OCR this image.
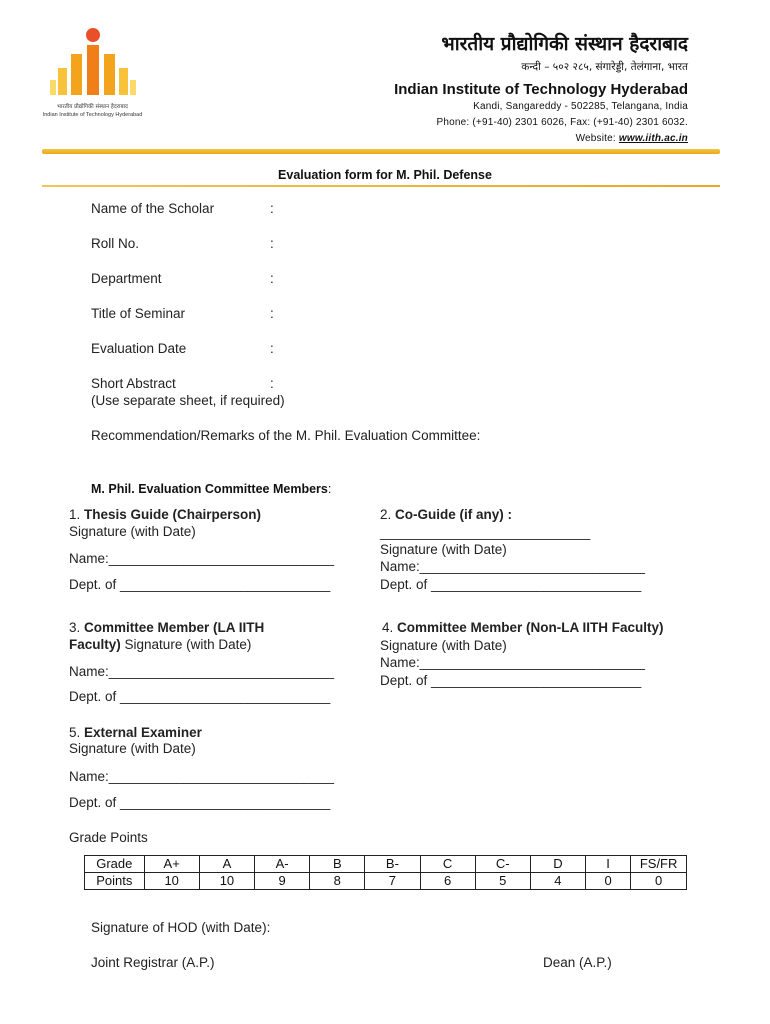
भारतीय प्रौद्योगिकी संस्थान हैदराबाद
Indian Institute of Technology Hyderabad
भारतीय प्रौद्योगिकी संस्थान हैदराबाद
कन्दी – ५०२ २८५, संगारेड्डी, तेलंगाना, भारत
Indian Institute of Technology Hyderabad
Kandi, Sangareddy - 502285, Telangana, India
Phone: (+91-40) 2301 6026, Fax: (+91-40) 2301 6032.
Website: www.iith.ac.in
Evaluation form for M. Phil. Defense
Name of the Scholar	:
Roll No.	:
Department	:
Title of Seminar	:
Evaluation Date	:
Short Abstract	:
(Use separate sheet, if required)
Recommendation/Remarks of the M. Phil. Evaluation Committee:
M. Phil. Evaluation Committee Members:
1. Thesis Guide (Chairperson)
Signature (with Date)
Name:______________________________
Dept. of ____________________________
2. Co-Guide (if any) :
____________________________
Signature (with Date)
Name:______________________________
Dept. of ____________________________
3. Committee Member (LA IITH
Faculty) Signature (with Date)
Name:______________________________
Dept. of ____________________________
4. Committee Member (Non-LA IITH Faculty)
Signature (with Date)
Name:______________________________
Dept. of ____________________________
5. External Examiner
Signature (with Date)
Name:______________________________
Dept. of ____________________________
Grade Points
Grade	A+	A	A-	B	B-	C	C-	D	I	FS/FR
Points	10	10	9	8	7	6	5	4	0	0
Signature of HOD (with Date):
Joint Registrar (A.P.)	Dean (A.P.)
